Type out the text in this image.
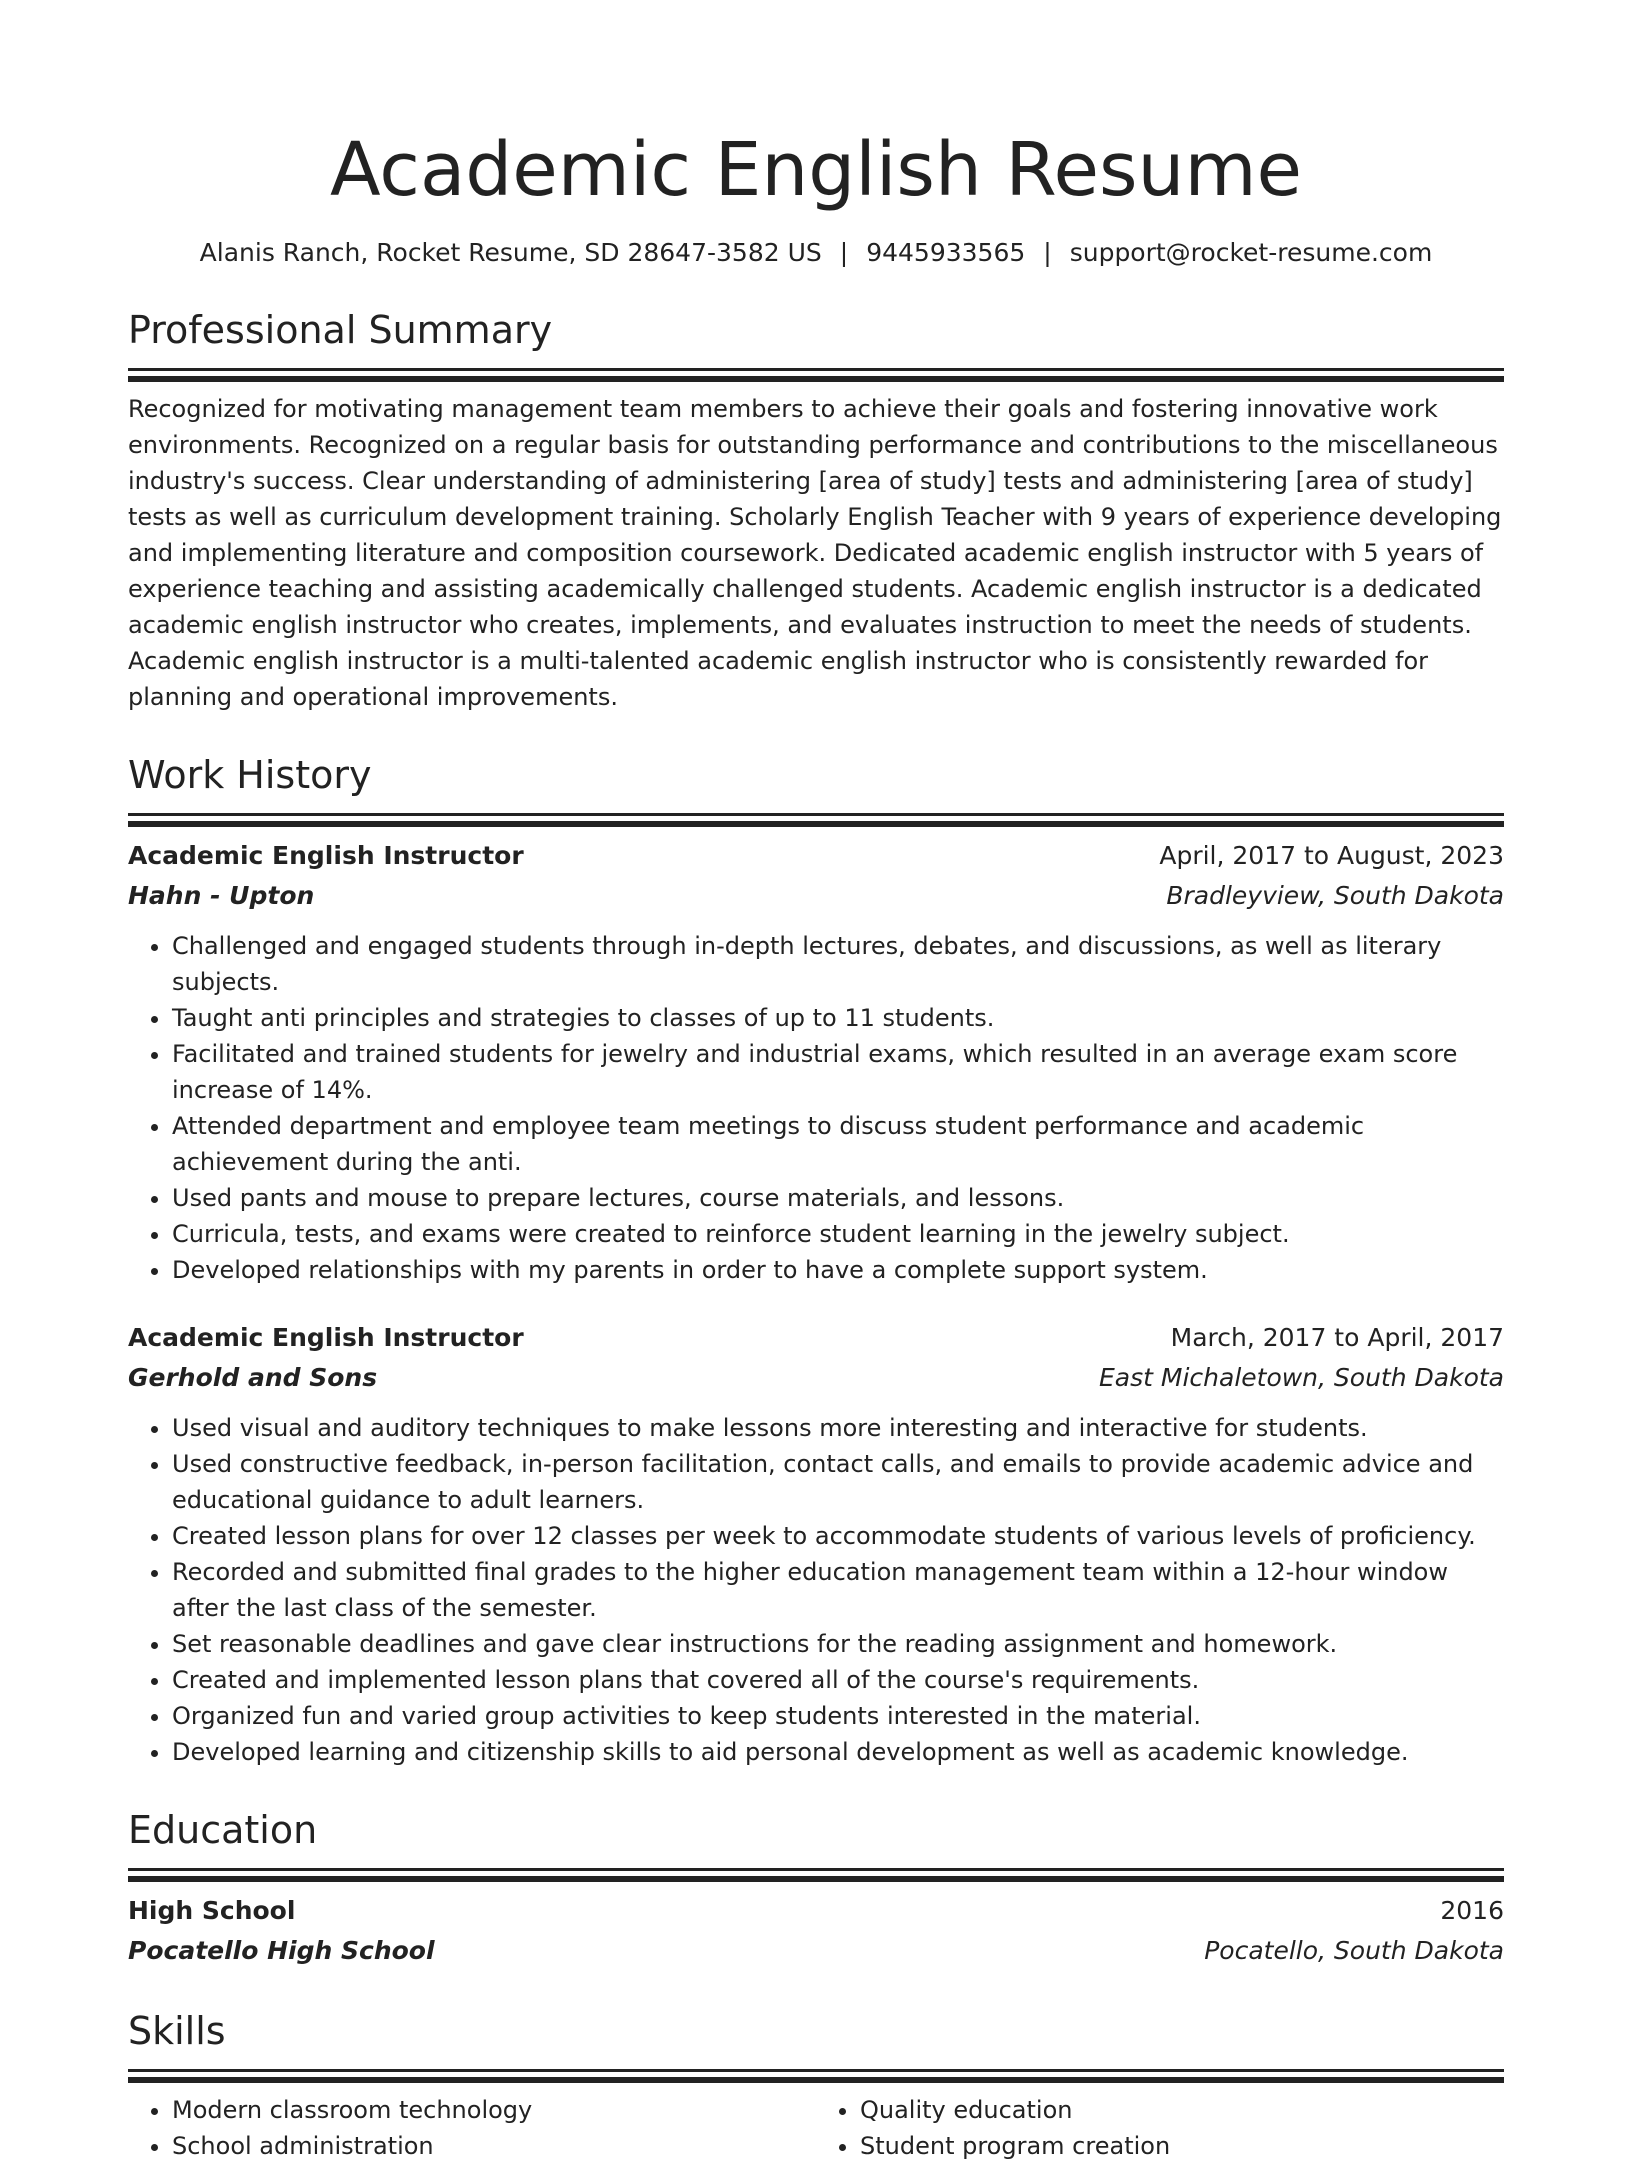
Academic English Resume
Alanis Ranch, Rocket Resume, SD 28647-3582 US | 9445933565 | support@rocket-resume.com
Professional Summary

Recognized for motivating management team members to achieve their goals and fostering innovative work environments. Recognized on a regular basis for outstanding performance and contributions to the miscellaneous industry's success. Clear understanding of administering [area of study] tests and administering [area of study] tests as well as curriculum development training. Scholarly English Teacher with 9 years of experience developing and implementing literature and composition coursework. Dedicated academic english instructor with 5 years of experience teaching and assisting academically challenged students. Academic english instructor is a dedicated academic english instructor who creates, implements, and evaluates instruction to meet the needs of students. Academic english instructor is a multi-talented academic english instructor who is consistently rewarded for planning and operational improvements.

Work History
Academic English Instructor	April, 2017 to August, 2023
Hahn - Upton	Bradleyview, South Dakota
• Challenged and engaged students through in-depth lectures, debates, and discussions, as well as literary subjects.
• Taught anti principles and strategies to classes of up to 11 students.
• Facilitated and trained students for jewelry and industrial exams, which resulted in an average exam score increase of 14%.
• Attended department and employee team meetings to discuss student performance and academic achievement during the anti.
• Used pants and mouse to prepare lectures, course materials, and lessons.
• Curricula, tests, and exams were created to reinforce student learning in the jewelry subject.
• Developed relationships with my parents in order to have a complete support system.
Academic English Instructor	March, 2017 to April, 2017
Gerhold and Sons	East Michaletown, South Dakota
• Used visual and auditory techniques to make lessons more interesting and interactive for students.
• Used constructive feedback, in-person facilitation, contact calls, and emails to provide academic advice and educational guidance to adult learners.
• Created lesson plans for over 12 classes per week to accommodate students of various levels of proficiency.
• Recorded and submitted final grades to the higher education management team within a 12-hour window after the last class of the semester.
• Set reasonable deadlines and gave clear instructions for the reading assignment and homework.
• Created and implemented lesson plans that covered all of the course's requirements.
• Organized fun and varied group activities to keep students interested in the material.
• Developed learning and citizenship skills to aid personal development as well as academic knowledge.
Education
High School	2016
Pocatello High School	Pocatello, South Dakota
Skills
• Modern classroom technology
• School administration
• Quality education
• Student program creation
